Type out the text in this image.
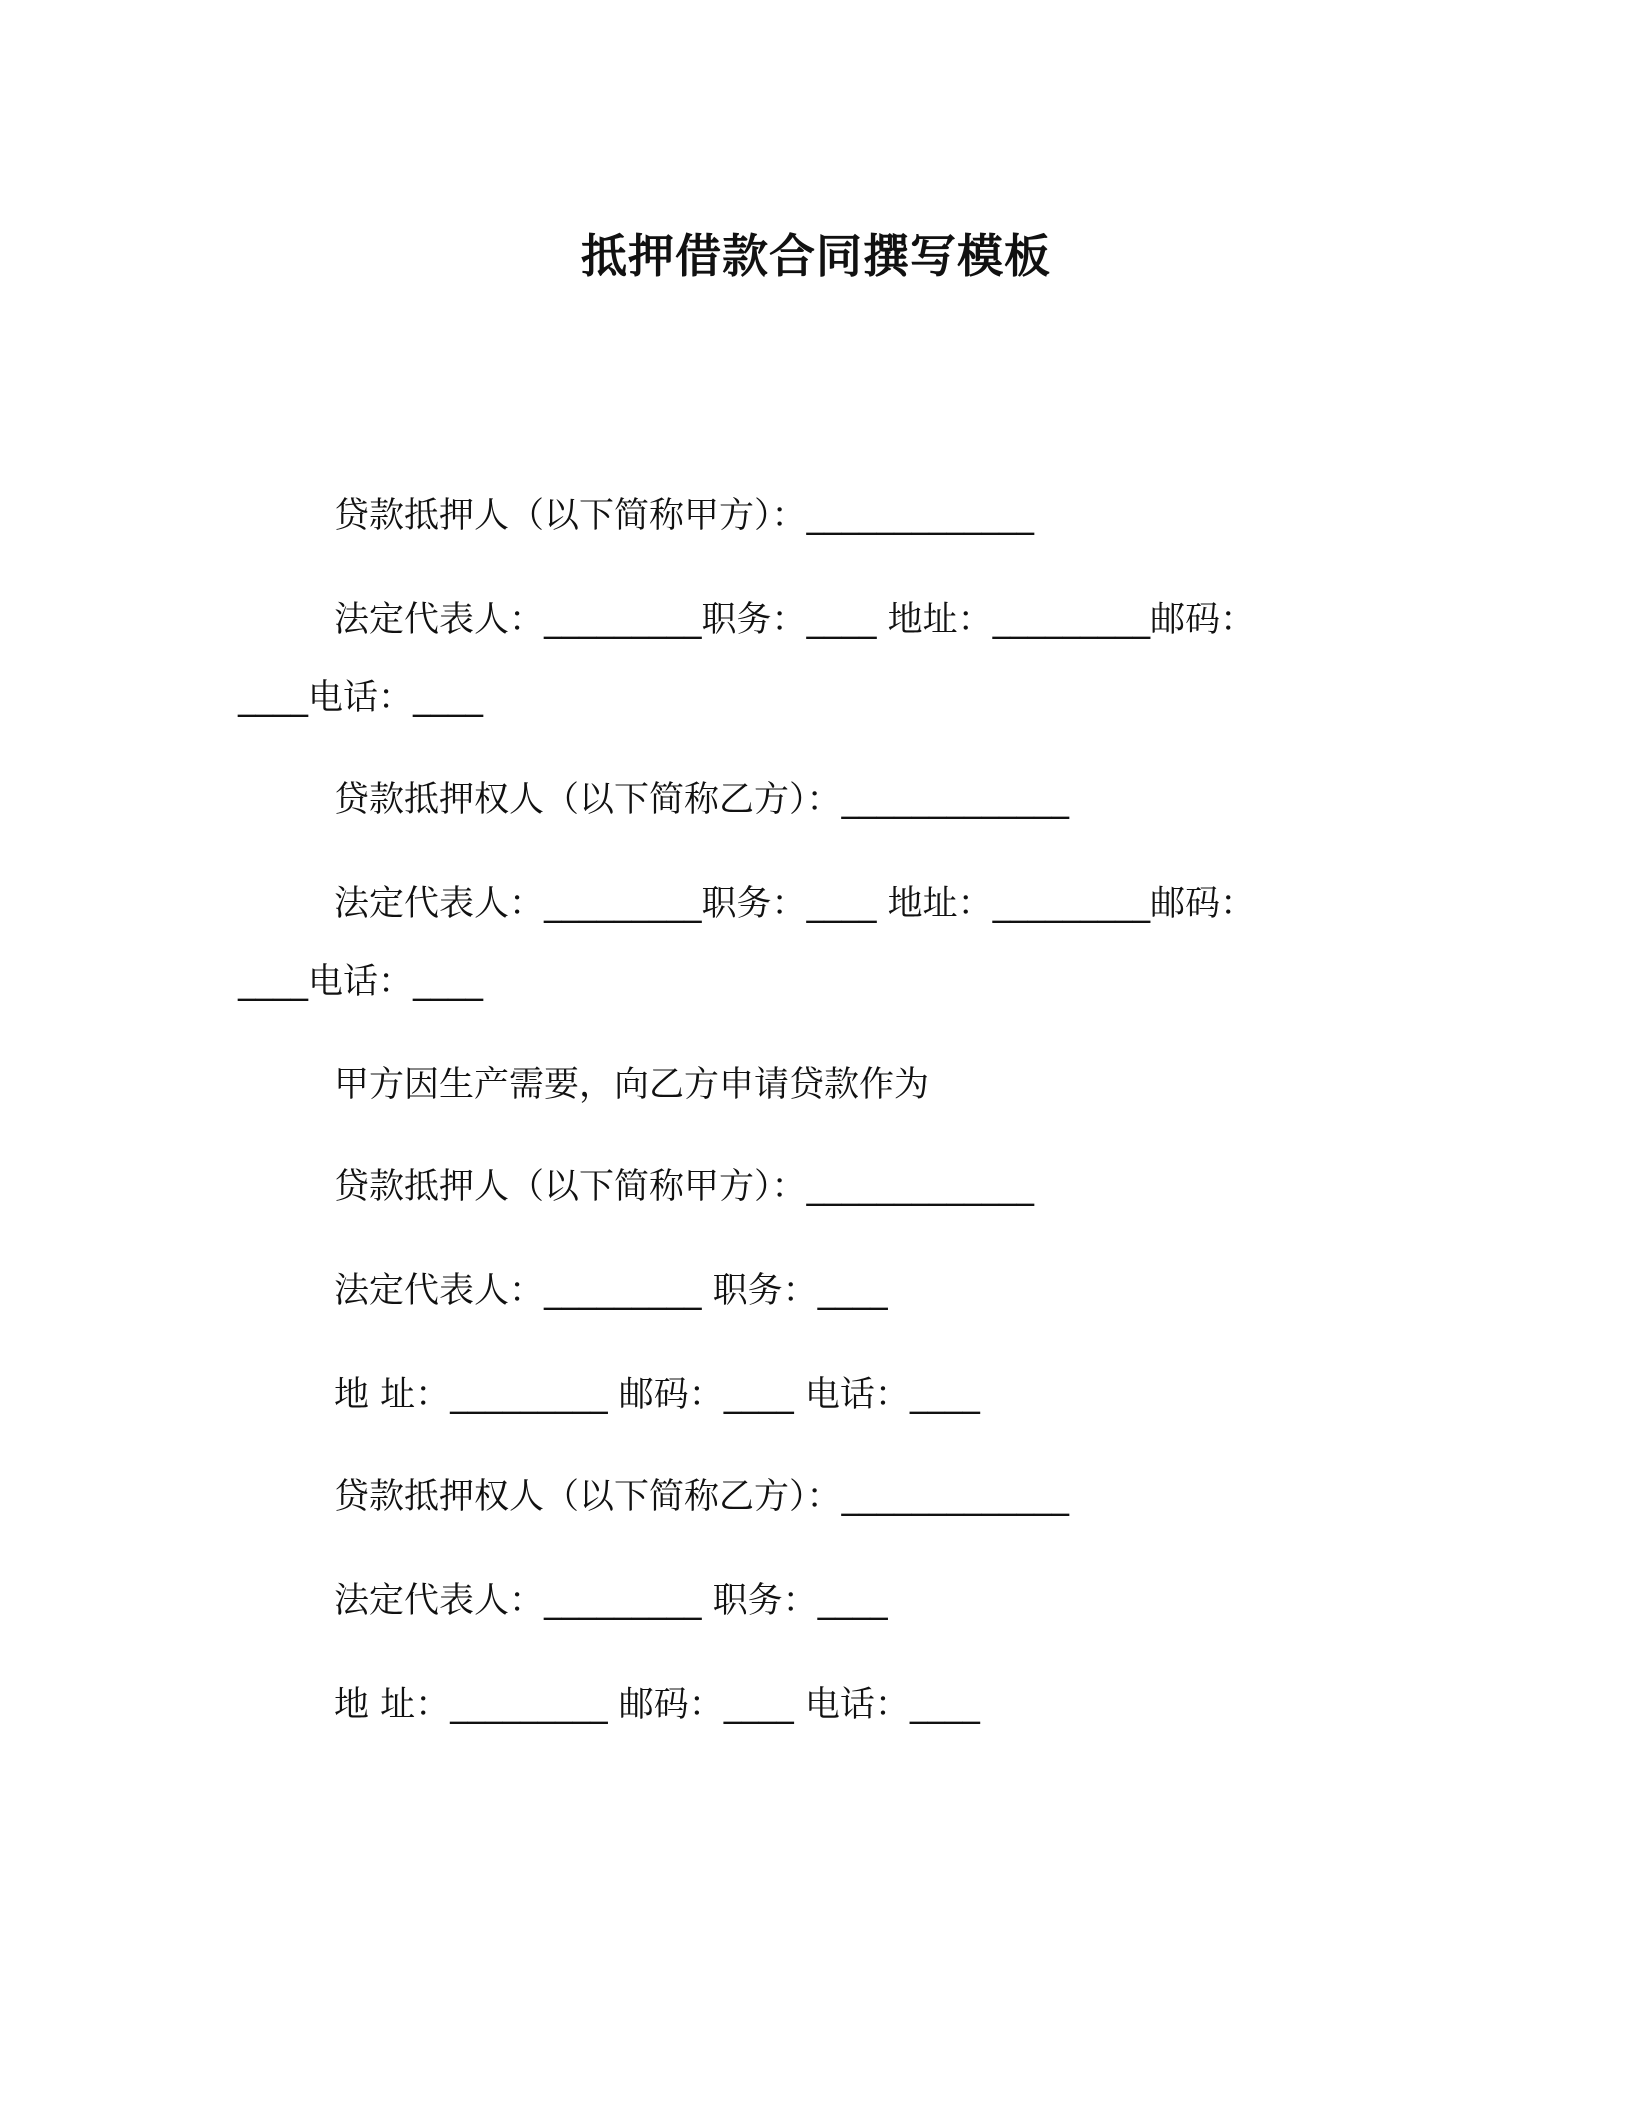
抵押借款合同撰写模板
贷款抵押人（以下简称甲方）：_____________
法定代表人：_________职务：____ 地址：_________邮码：
____电话：____
贷款抵押权人（以下简称乙方）：_____________
法定代表人：_________职务：____ 地址：_________邮码：
____电话：____
甲方因生产需要，向乙方申请贷款作为
贷款抵押人（以下简称甲方）：_____________
法定代表人：_________ 职务：____
地 址：_________ 邮码：____ 电话：____
贷款抵押权人（以下简称乙方）：_____________
法定代表人：_________ 职务：____
地 址：_________ 邮码：____ 电话：____
